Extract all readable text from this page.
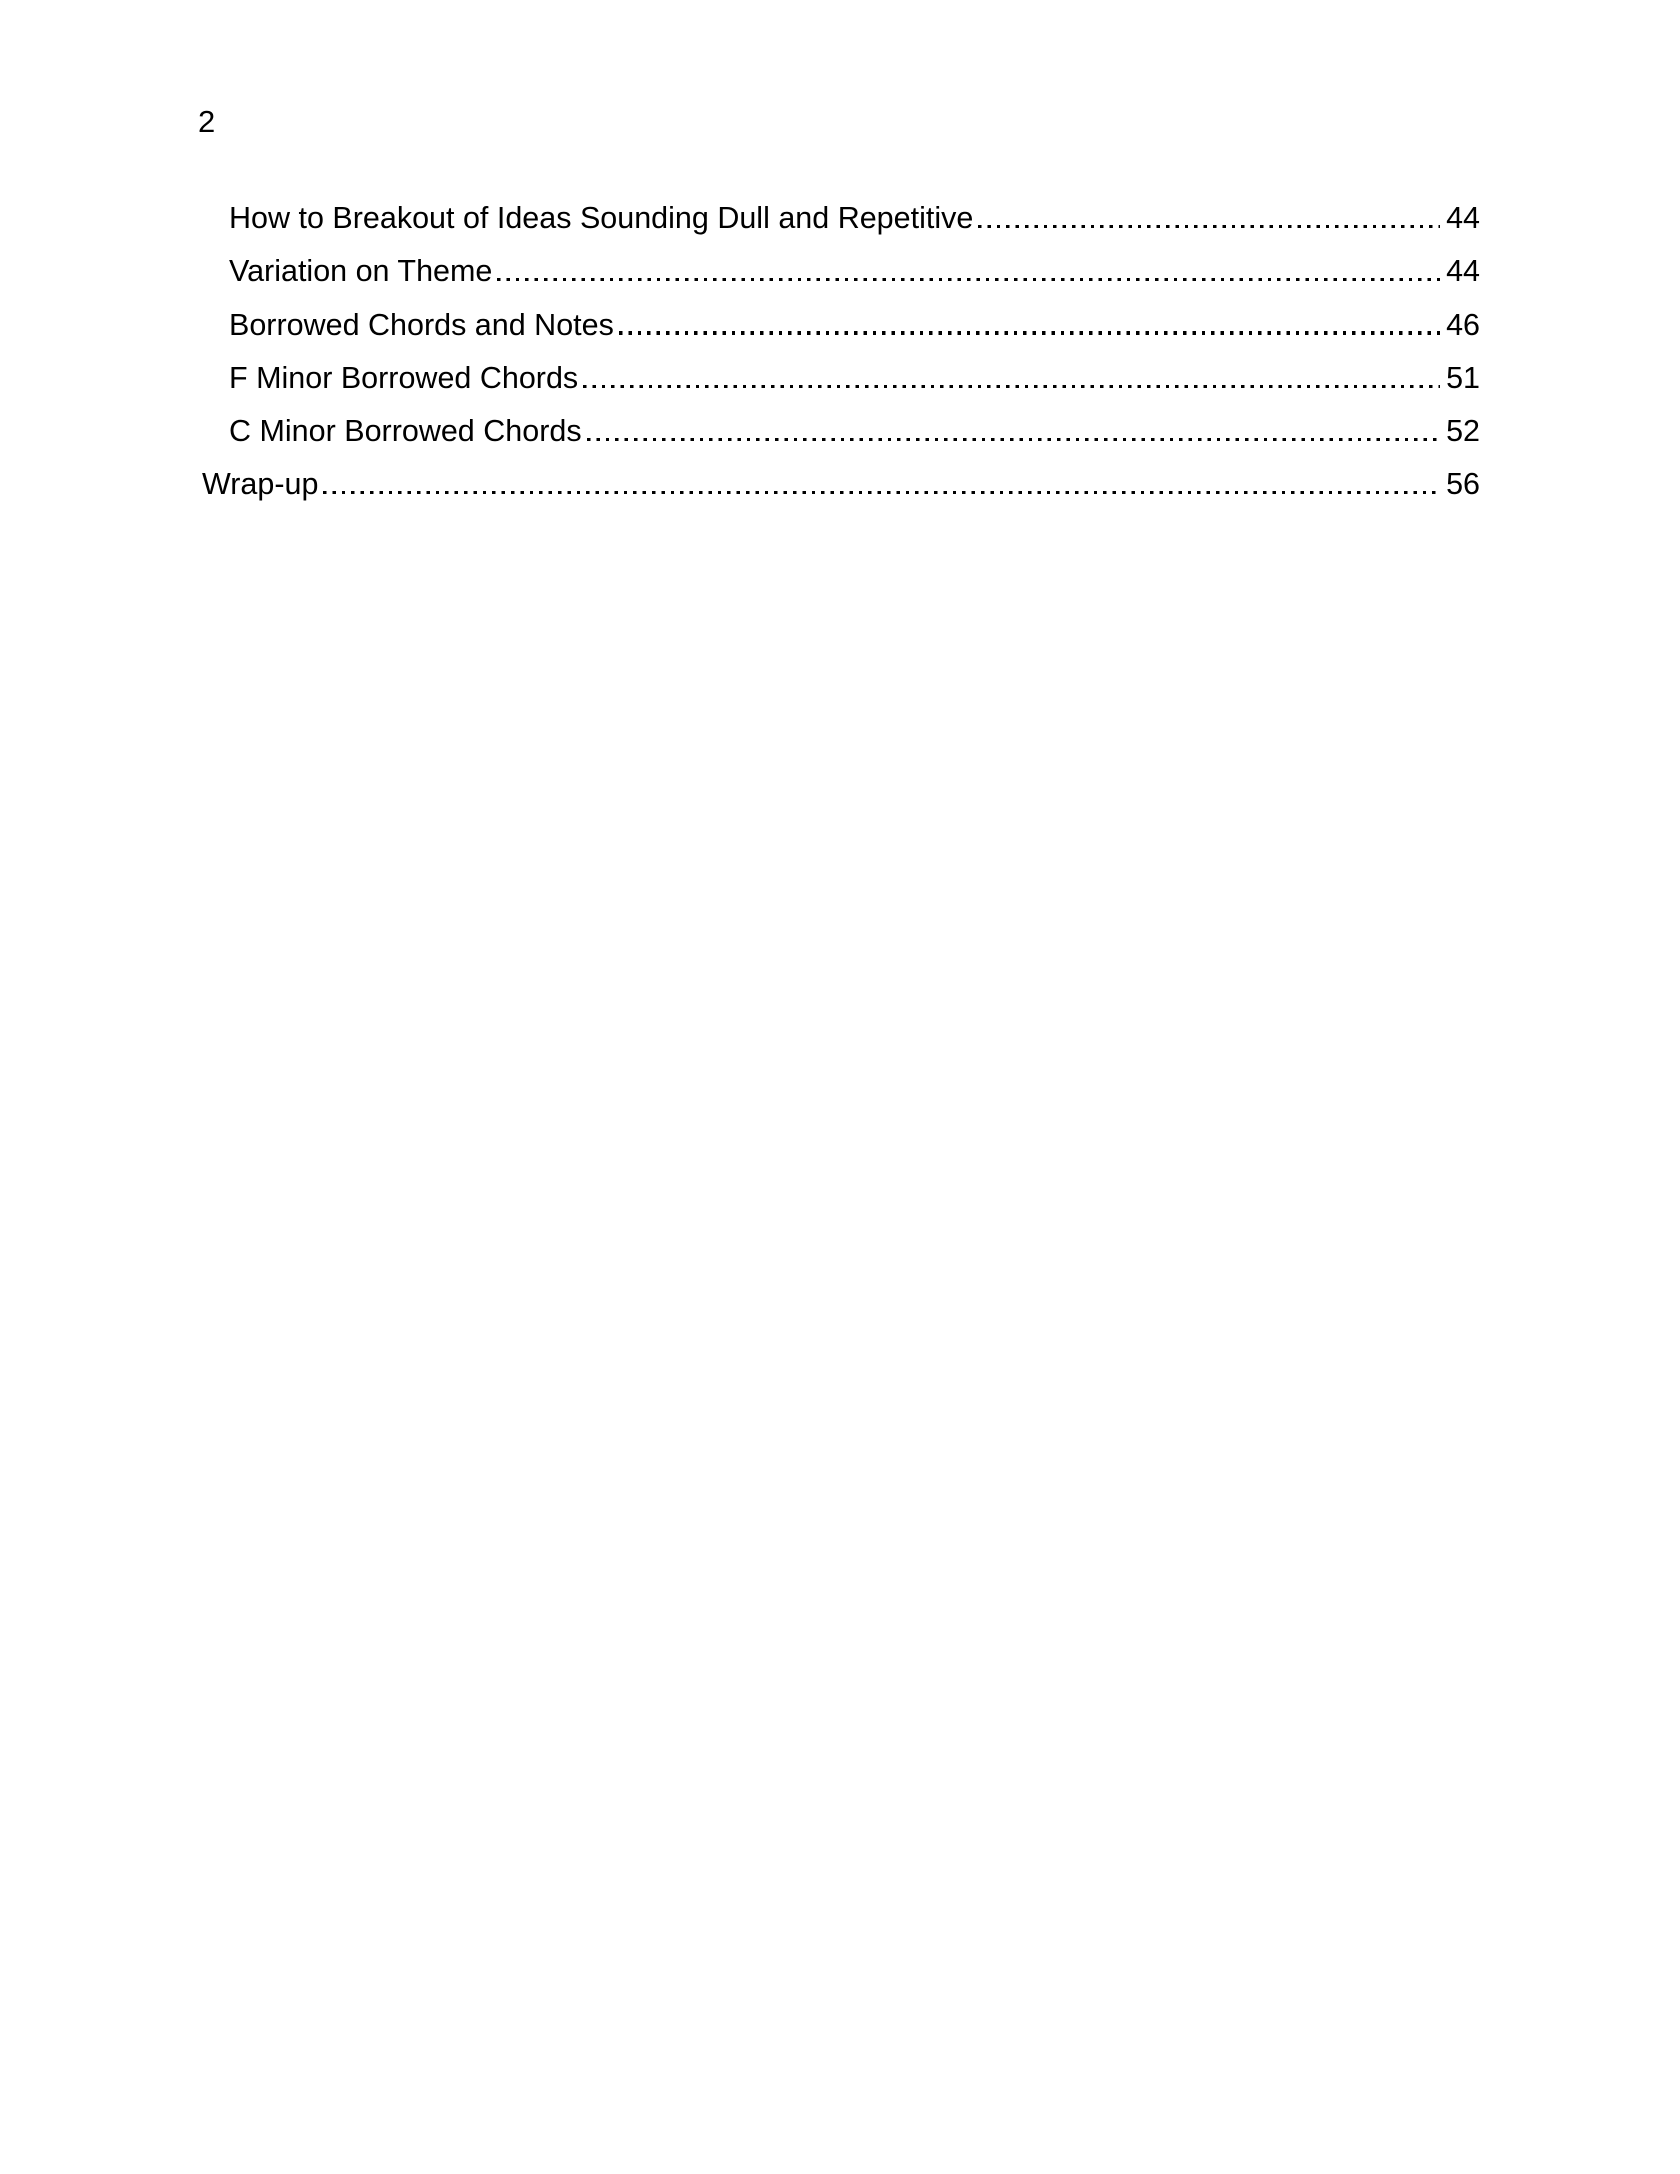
2
How to Breakout of Ideas Sounding Dull and Repetitive	44
Variation on Theme	44
Borrowed Chords and Notes	46
F Minor Borrowed Chords	51
C Minor Borrowed Chords	52
Wrap-up	56
